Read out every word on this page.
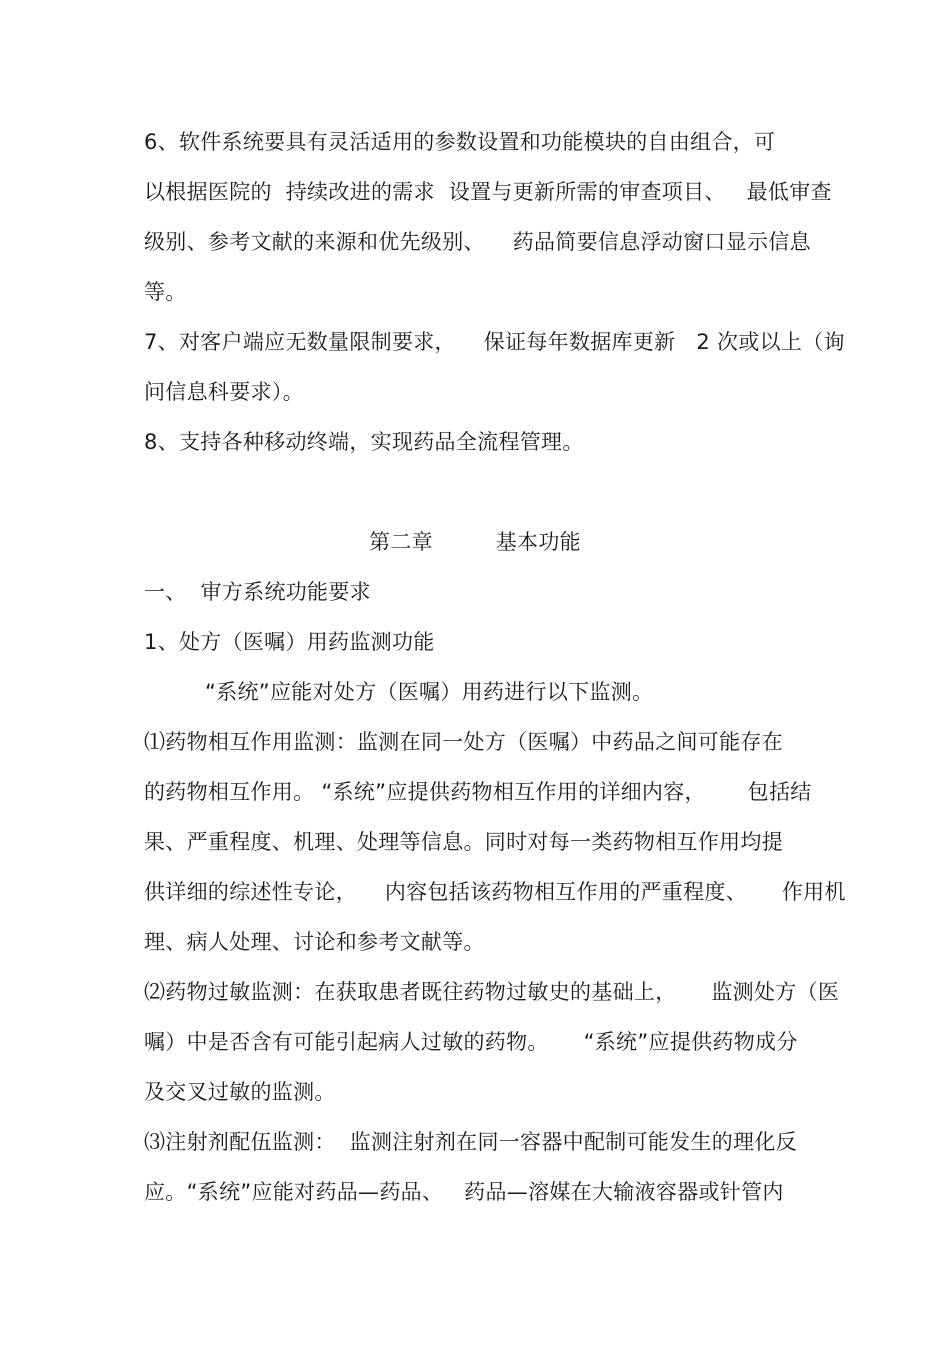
6、软件系统要具有灵活适用的参数设置和功能模块的自由组合，可
以根据医院的  持续改进的需求  设置与更新所需的审查项目、   最低审查
级别、参考文献的来源和优先级别、    药品简要信息浮动窗口显示信息
等。
7、对客户端应无数量限制要求，    保证每年数据库更新   2 次或以上（询
问信息科要求）。
8、支持各种移动终端，实现药品全流程管理。
第二章         基本功能
一、  审方系统功能要求
1、处方（医嘱）用药监测功能
“系统”应能对处方（医嘱）用药进行以下监测。
⑴药物相互作用监测：监测在同一处方（医嘱）中药品之间可能存在
的药物相互作用。 “系统”应提供药物相互作用的详细内容，      包括结
果、严重程度、机理、处理等信息。同时对每一类药物相互作用均提
供详细的综述性专论，    内容包括该药物相互作用的严重程度、     作用机
理、病人处理、讨论和参考文献等。
⑵药物过敏监测：在获取患者既往药物过敏史的基础上，     监测处方（医
嘱）中是否含有可能引起病人过敏的药物。     “系统”应提供药物成分
及交叉过敏的监测。
⑶注射剂配伍监测：  监测注射剂在同一容器中配制可能发生的理化反
应。“系统”应能对药品—药品、   药品—溶媒在大输液容器或针管内
